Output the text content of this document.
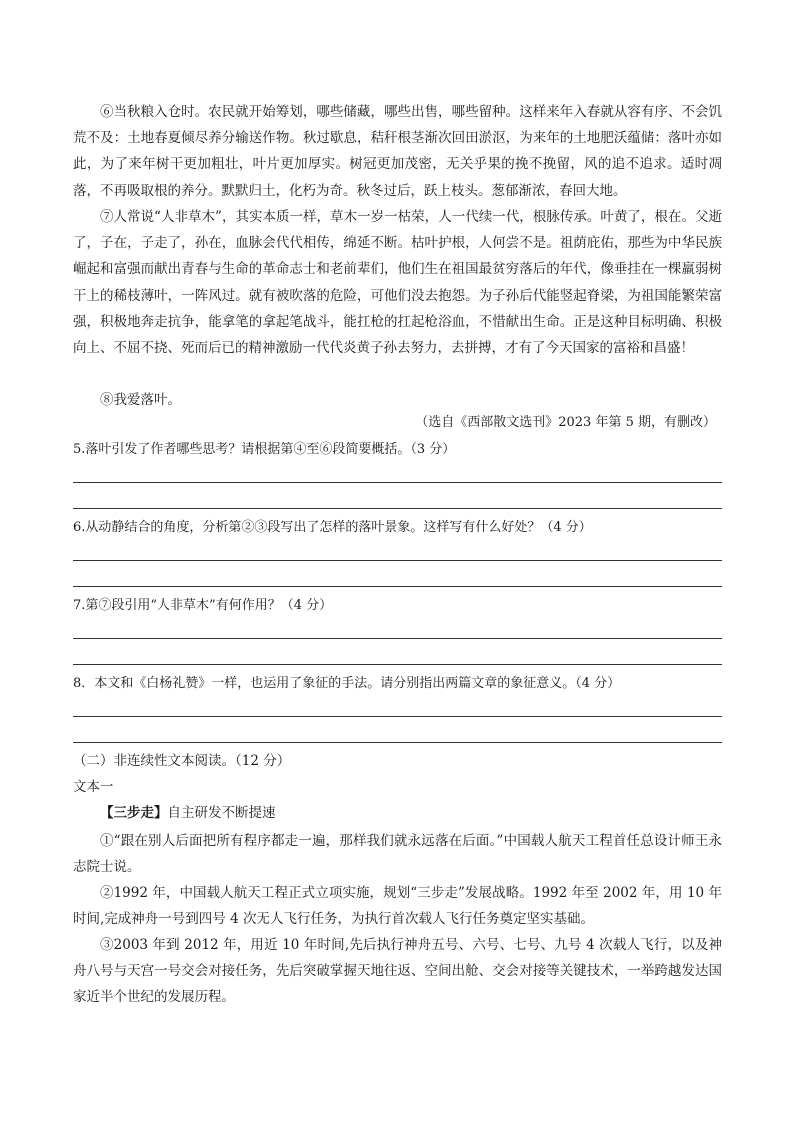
⑥当秋粮入仓时。农民就开始筹划，哪些储藏，哪些出售，哪些留种。这样来年入春就从容有序、不会饥荒不及：土地春夏倾尽养分输送作物。秋过歇息，秸秆根茎渐次回田淤沤，为来年的土地肥沃蕴储：落叶亦如此，为了来年树干更加粗壮，叶片更加厚实。树冠更加茂密，无关乎果的挽不挽留，风的追不追求。适时凋落，不再吸取根的养分。默默归土，化朽为奇。秋冬过后，跃上枝头。葱郁渐浓，春回大地。

⑦人常说“人非草木”，其实本质一样，草木一岁一枯荣，人一代续一代，根脉传承。叶黄了，根在。父逝了，子在，子走了，孙在，血脉会代代相传，绵延不断。枯叶护根，人何尝不是。祖荫庇佑，那些为中华民族崛起和富强而献出青春与生命的革命志士和老前辈们，他们生在祖国最贫穷落后的年代，像垂挂在一棵羸弱树干上的稀枝薄叶，一阵风过。就有被吹落的危险，可他们没去抱怨。为子孙后代能竖起脊梁，为祖国能繁荣富强，积极地奔走抗争，能拿笔的拿起笔战斗，能扛枪的扛起枪浴血，不惜献出生命。正是这种目标明确、积极向上、不屈不挠、死而后已的精神激励一代代炎黄子孙去努力，去拼搏，才有了今天国家的富裕和昌盛！

⑧我爱落叶。

（选自《西部散文选刊》2023 年第 5 期，有删改）

5.落叶引发了作者哪些思考？请根据第④至⑥段简要概括。（3 分）

6.从动静结合的角度，分析第②③段写出了怎样的落叶景象。这样写有什么好处？（4 分）

7.第⑦段引用“人非草木”有何作用？（4 分）

8．本文和《白杨礼赞》一样，也运用了象征的手法。请分别指出两篇文章的象征意义。（4 分）

（二）非连续性文本阅读。（12 分）

文本一

【三步走】自主研发不断提速

①“跟在别人后面把所有程序都走一遍，那样我们就永远落在后面。”中国载人航天工程首任总设计师王永志院士说。

②1992 年，中国载人航天工程正式立项实施，规划“三步走”发展战略。1992 年至 2002 年，用 10 年时间,完成神舟一号到四号 4 次无人飞行任务，为执行首次载人飞行任务奠定坚实基础。

③2003 年到 2012 年，用近 10 年时间,先后执行神舟五号、六号、七号、九号 4 次载人飞行，以及神舟八号与天宫一号交会对接任务，先后突破掌握天地往返、空间出舱、交会对接等关键技术，一举跨越发达国家近半个世纪的发展历程。
